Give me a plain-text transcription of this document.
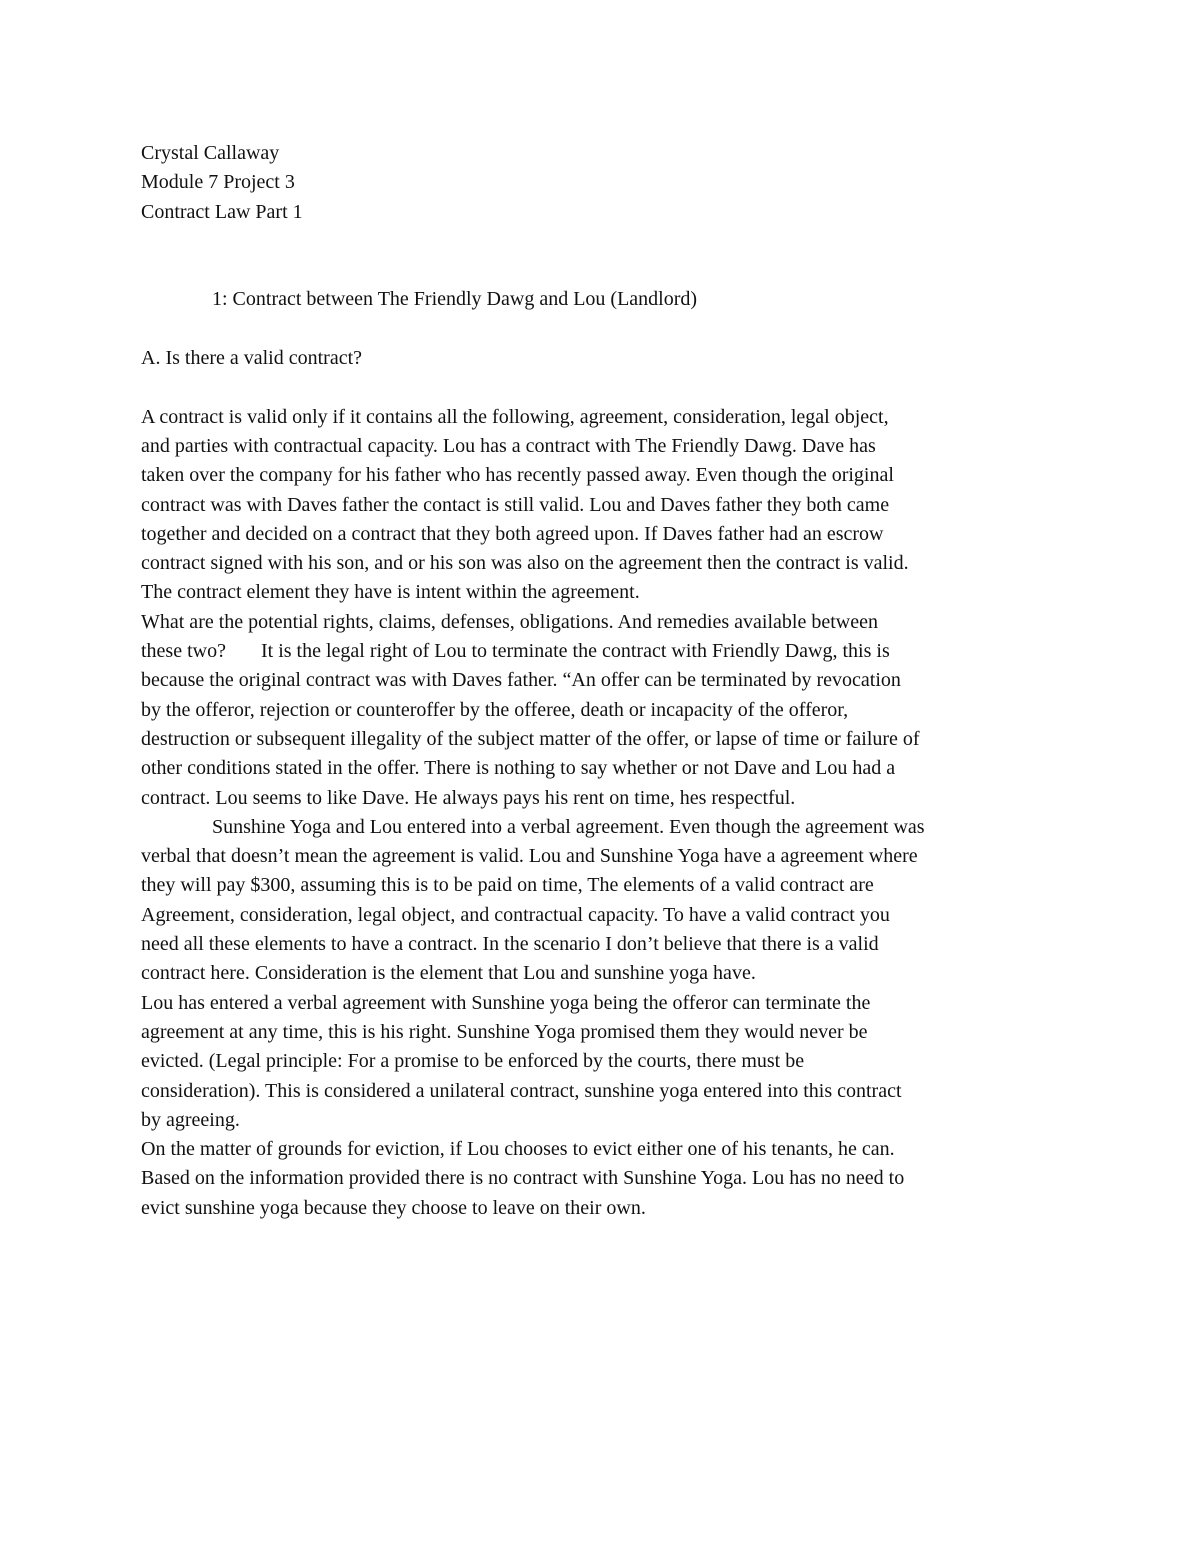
Crystal Callaway
Module 7 Project 3
Contract Law Part 1
1: Contract between The Friendly Dawg and Lou (Landlord)
A. Is there a valid contract?

A contract is valid only if it contains all the following, agreement, consideration, legal object,
and parties with contractual capacity. Lou has a contract with The Friendly Dawg. Dave has
taken over the company for his father who has recently passed away. Even though the original
contract was with Daves father the contact is still valid. Lou and Daves father they both came
together and decided on a contract that they both agreed upon. If Daves father had an escrow
contract signed with his son, and or his son was also on the agreement then the contract is valid.
The contract element they have is intent within the agreement.

What are the potential rights, claims, defenses, obligations. And remedies available between
these two?       It is the legal right of Lou to terminate the contract with Friendly Dawg, this is
because the original contract was with Daves father. “An offer can be terminated by revocation
by the offeror, rejection or counteroffer by the offeree, death or incapacity of the offeror,
destruction or subsequent illegality of the subject matter of the offer, or lapse of time or failure of
other conditions stated in the offer. There is nothing to say whether or not Dave and Lou had a
contract. Lou seems to like Dave. He always pays his rent on time, hes respectful.

Sunshine Yoga and Lou entered into a verbal agreement. Even though the agreement was
verbal that doesn’t mean the agreement is valid. Lou and Sunshine Yoga have a agreement where
they will pay $300, assuming this is to be paid on time, The elements of a valid contract are
Agreement, consideration, legal object, and contractual capacity. To have a valid contract you
need all these elements to have a contract. In the scenario I don’t believe that there is a valid
contract here. Consideration is the element that Lou and sunshine yoga have.

Lou has entered a verbal agreement with Sunshine yoga being the offeror can terminate the
agreement at any time, this is his right. Sunshine Yoga promised them they would never be
evicted. (Legal principle: For a promise to be enforced by the courts, there must be
consideration). This is considered a unilateral contract, sunshine yoga entered into this contract
by agreeing.

On the matter of grounds for eviction, if Lou chooses to evict either one of his tenants, he can.
Based on the information provided there is no contract with Sunshine Yoga. Lou has no need to
evict sunshine yoga because they choose to leave on their own.
